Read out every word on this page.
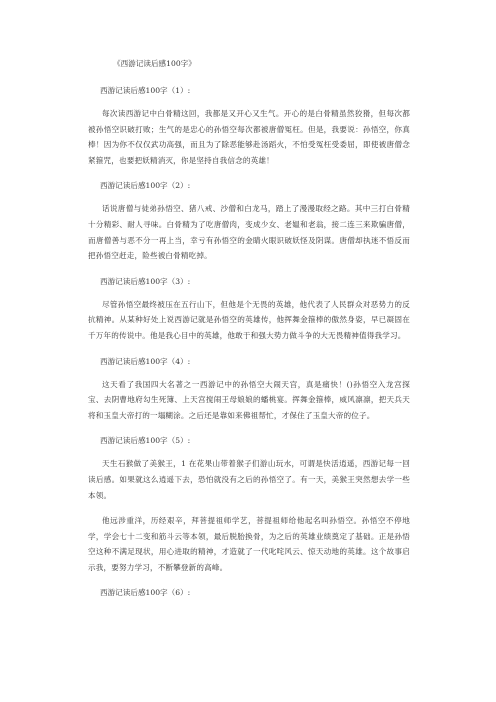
《西游记读后感100字》

西游记读后感100字（1）:

每次读西游记中白骨精这回，我都是又开心又生气。开心的是白骨精虽然狡猾，但每次都被孙悟空识破打败；生气的是忠心的孙悟空每次都被唐僧冤枉。但是，我要说：孙悟空，你真棒！因为你不仅仅武功高强，而且为了除恶能够赴汤蹈火，不怕受冤枉受委屈，即使被唐僧念紧箍咒，也要把妖精消灭，你是坚持自我信念的英雄！

西游记读后感100字（2）:

话说唐僧与徒弟孙悟空、猪八戒、沙僧和白龙马，踏上了漫漫取经之路。其中三打白骨精十分精彩、耐人寻味。白骨精为了吃唐僧肉，变成少女、老媪和老翁，接二连三来欺骗唐僧，而唐僧善与恶不分一再上当，幸亏有孙悟空的金睛火眼识破妖怪及阴谋。唐僧却执迷不悟反而把孙悟空赶走，险些被白骨精吃掉。

西游记读后感100字（3）:

尽管孙悟空最终被压在五行山下，但他是个无畏的英雄，他代表了人民群众对恶势力的反抗精神。从某种好处上说西游记就是孙悟空的英雄传，他挥舞金箍棒的傲然身姿，早已凝固在千万年的传说中。他是我心目中的英雄，他敢于和强大势力做斗争的大无畏精神值得我学习。

西游记读后感100字（4）:

这天看了我国四大名著之一西游记中的孙悟空大闹天宫，真是痛快！()孙悟空入龙宫探宝、去阴曹地府勾生死簿、上天宫搅闹王母娘娘的蟠桃宴。挥舞金箍棒，威风凛凛，把天兵天将和玉皇大帝打的一塌糊涂。之后还是靠如来佛祖帮忙，才保住了玉皇大帝的位子。

西游记读后感100字（5）:

天生石猴做了美猴王，1 在花果山带着猴子们游山玩水，可谓是快活逍遥，西游记每一回读后感。如果就这么逍遥下去，恐怕就没有之后的孙悟空了。有一天，美猴王突然想去学一些本领。

他远涉重洋，历经艰辛，拜菩提祖师学艺，菩提祖师给他起名叫孙悟空。孙悟空不停地学，学会七十二变和筋斗云等本领，最后脱胎换骨，为之后的英雄业绩奠定了基础。正是孙悟空这种不满足现状，用心进取的精神，才造就了一代叱咤风云、惊天动地的英雄。这个故事启示我，要努力学习，不断攀登新的高峰。

西游记读后感100字（6）:
